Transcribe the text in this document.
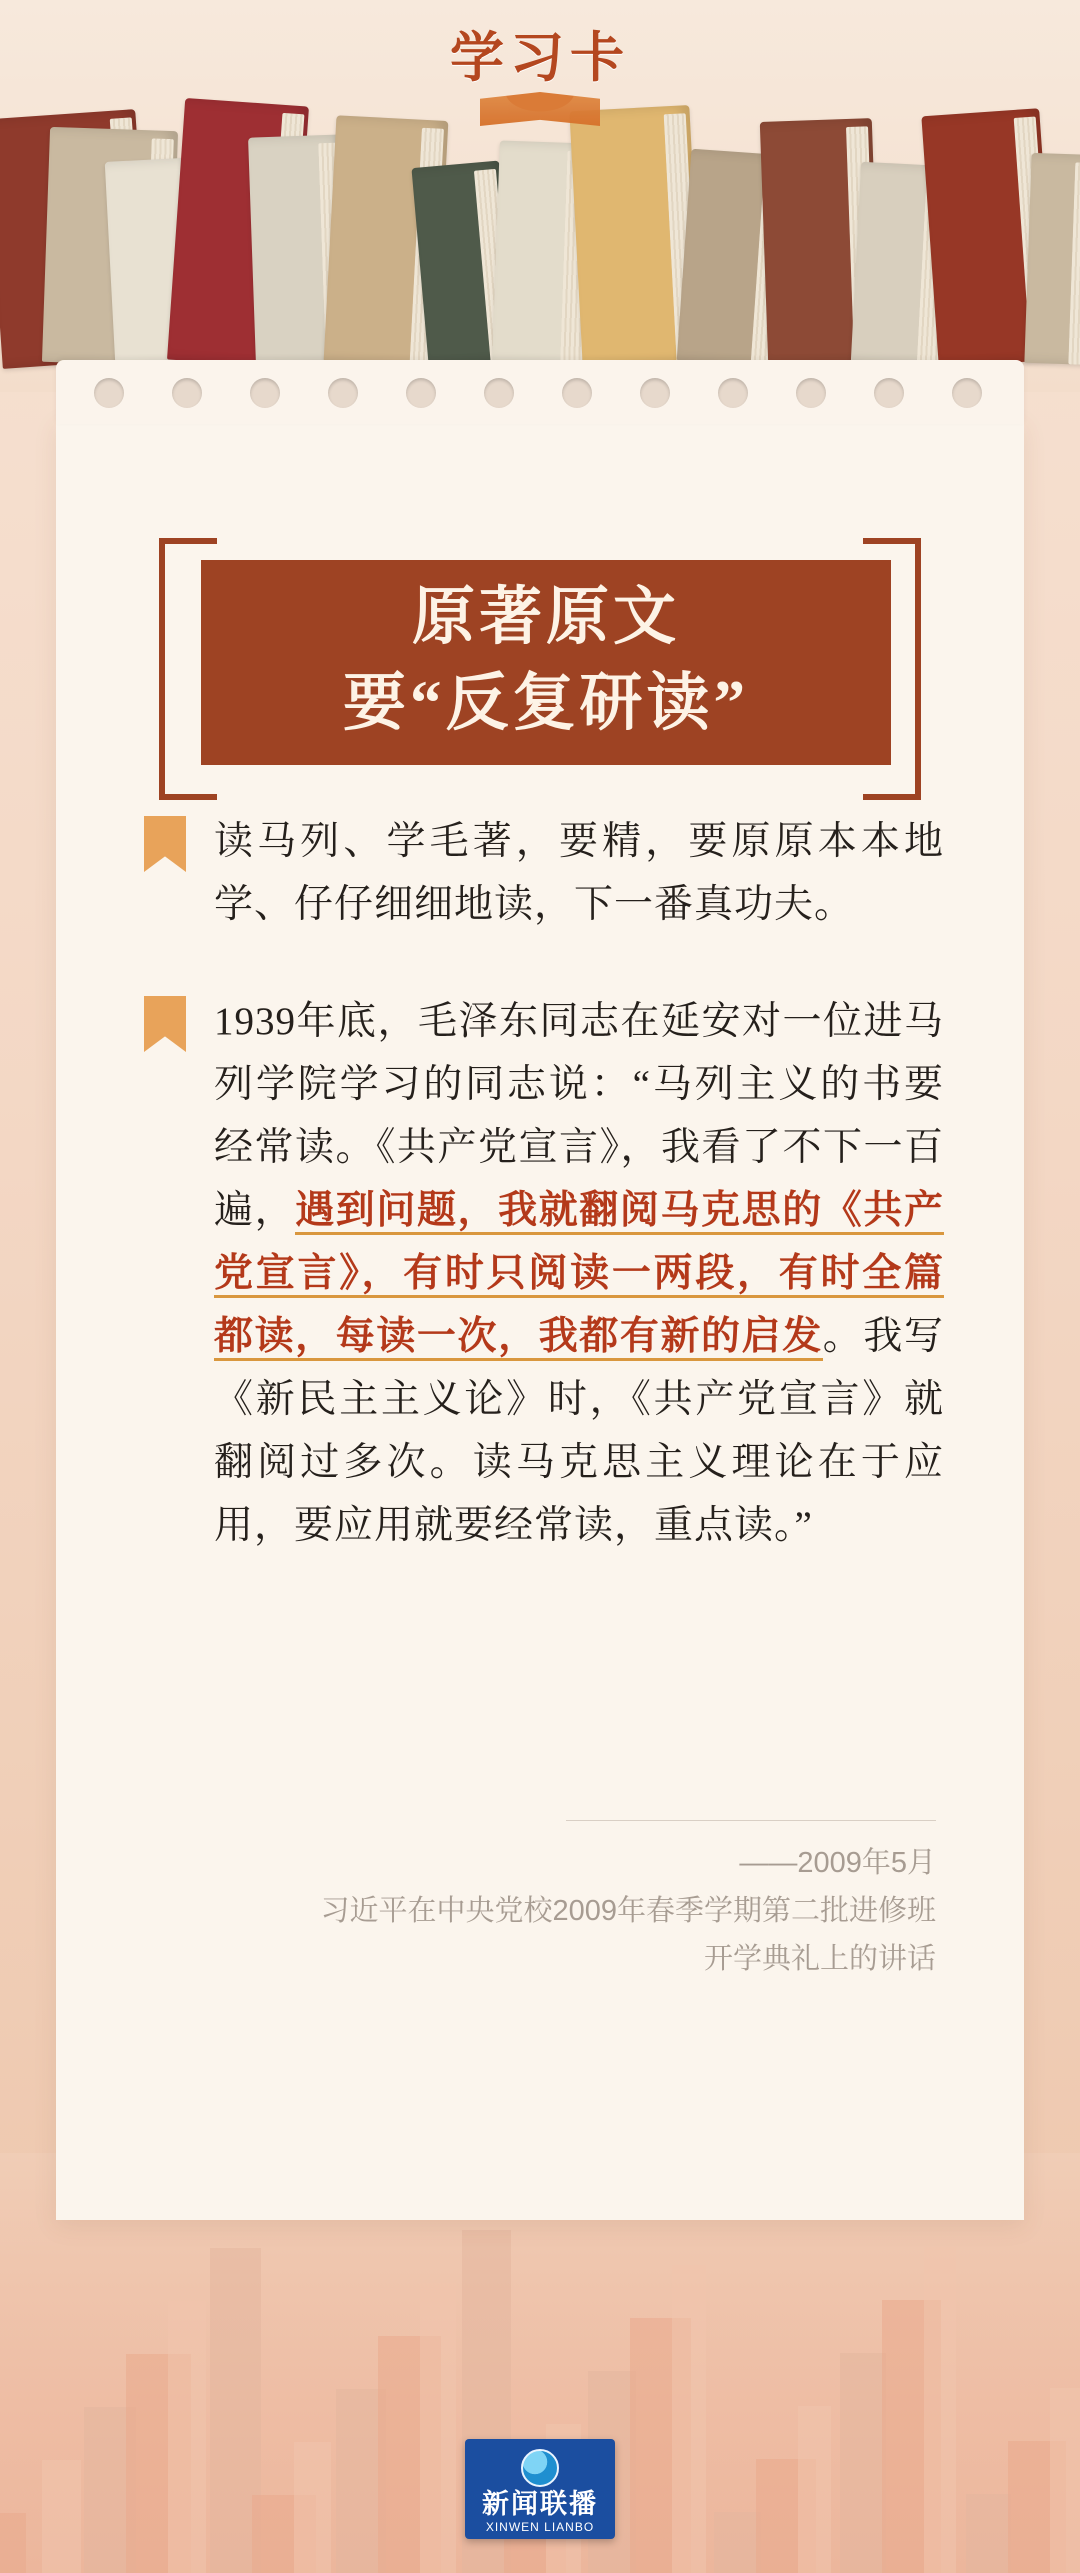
学习卡
原著原文
要“反复研读”
读马列、学毛著，要精，要原原本本地学、仔仔细细地读，下一番真功夫。
1939年底，毛泽东同志在延安对一位进马列学院学习的同志说：“马列主义的书要经常读。《共产党宣言》，我看了不下一百遍，遇到问题，我就翻阅马克思的《共产党宣言》，有时只阅读一两段，有时全篇都读，每读一次，我都有新的启发。我写《新民主主义论》时，《共产党宣言》就翻阅过多次。读马克思主义理论在于应用，要应用就要经常读，重点读。”
——2009年5月
习近平在中央党校2009年春季学期第二批进修班
开学典礼上的讲话
新闻联播
XINWEN LIANBO
